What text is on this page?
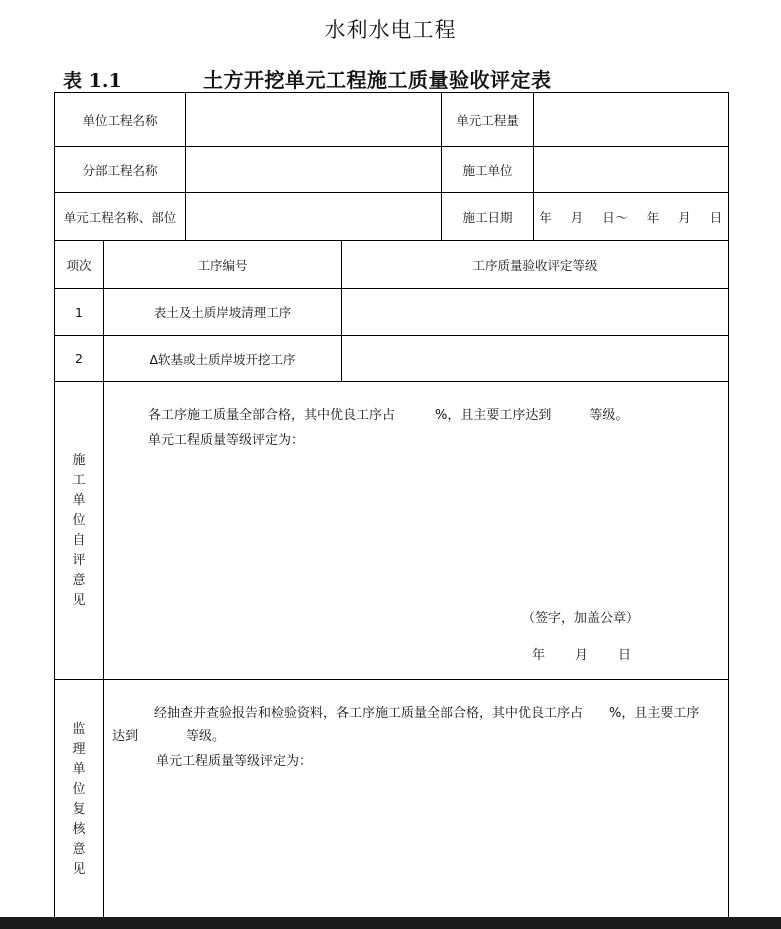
水利水电工程
表 1.1	土方开挖单元工程施工质量验收评定表
单位工程名称				单元工程量	
分部工程名称				施工单位	
单元工程名称、部位				施工日期	年 月 日～ 年 月 日
项次	工序编号		工序质量验收评定等级		
1	表土及土质岸坡清理工序				
2	Δ软基或土质岸坡开挖工序				
施工单位自评意见	各工序施工质量全部合格，其中优良工序占 %，且主要工序达到 等级。
单元工程质量等级评定为：
（签字，加盖公章）
年 月 日				

监理单位复核意见	经抽查并查验报告和检验资料，各工序施工质量全部合格，其中优良工序占 %，且主要工序
达到 等级。
单元工程质量等级评定为：				
